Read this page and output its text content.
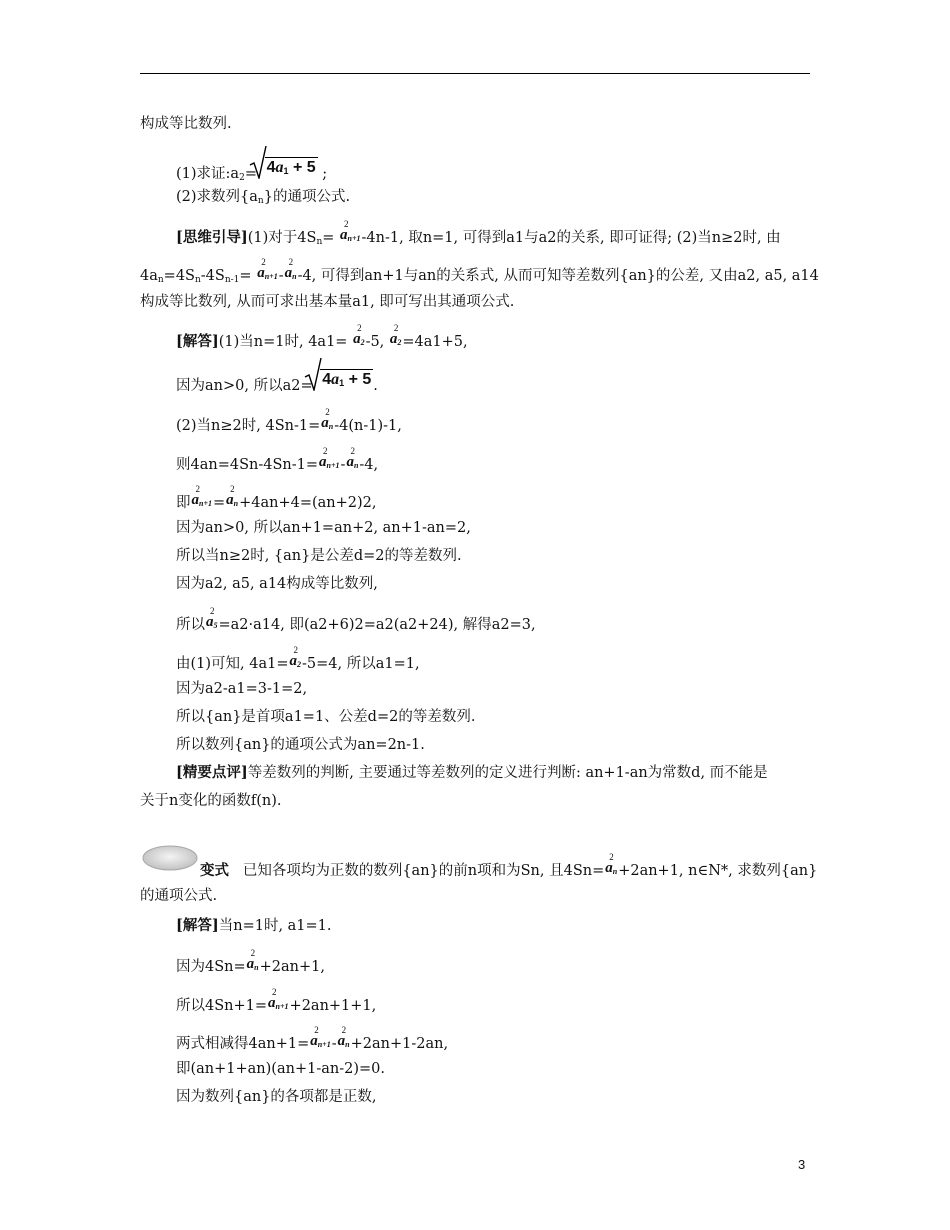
构成等比数列.
(1)求证$:a_2= 4a_1 + 5$ ;
(2)求数列$\{a_n\}$的通项公式.
[思维引导](1)对于$4S_n=$
2
an+1-4n-1, 取n=1, 可得到a1与a2的关系, 即可证得; (2)当n≥2时, 由
$4a_n=4S_n-4S_{n-1}=$
2
an+1-
2
an-4, 可得到an+1与an的关系式, 从而可知等差数列{an}的公差, 又由a2, a5, a14
构成等比数列, 从而可求出基本量a1, 即可写出其通项公式.
[解答](1)当n=1时, 4a1=
2
a2-5,
2
a2=4a1+5,
因为an>0, 所以$a2= 4a_1 + 5$ .
(2)当n≥2时, 4Sn-1=
2
an-4(n-1)-1,
则4an=4Sn-4Sn-1=
2
an+1-
2
an-4,
即
2
an+1=
2
an+4an+4=(an+2)2,
因为an>0, 所以an+1=an+2, an+1-an=2,
所以当n≥2时, {an}是公差d=2的等差数列.
因为a2, a5, a14构成等比数列,
所以
2
a5=a2·a14, 即(a2+6)2=a2(a2+24), 解得a2=3,
由(1)可知, 4a1=
2
a2-5=4, 所以a1=1,
因为a2-a1=3-1=2,
所以{an}是首项a1=1、公差d=2的等差数列.
所以数列{an}的通项公式为an=2n-1.
[精要点评]等差数列的判断, 主要通过等差数列的定义进行判断: an+1-an为常数d, 而不能是
关于n变化的函数f(n).
变式 已知各项均为正数的数列{an}的前n项和为Sn, 且4Sn=
2
an+2an+1, n∈N*, 求数列{an}
的通项公式.
[解答]当n=1时, a1=1.
因为4Sn=
2
an+2an+1,
所以4Sn+1=
2
an+1+2an+1+1,
两式相减得4an+1=
2
an+1-
2
an+2an+1-2an,
即(an+1+an)(an+1-an-2)=0.
因为数列{an}的各项都是正数,
3
